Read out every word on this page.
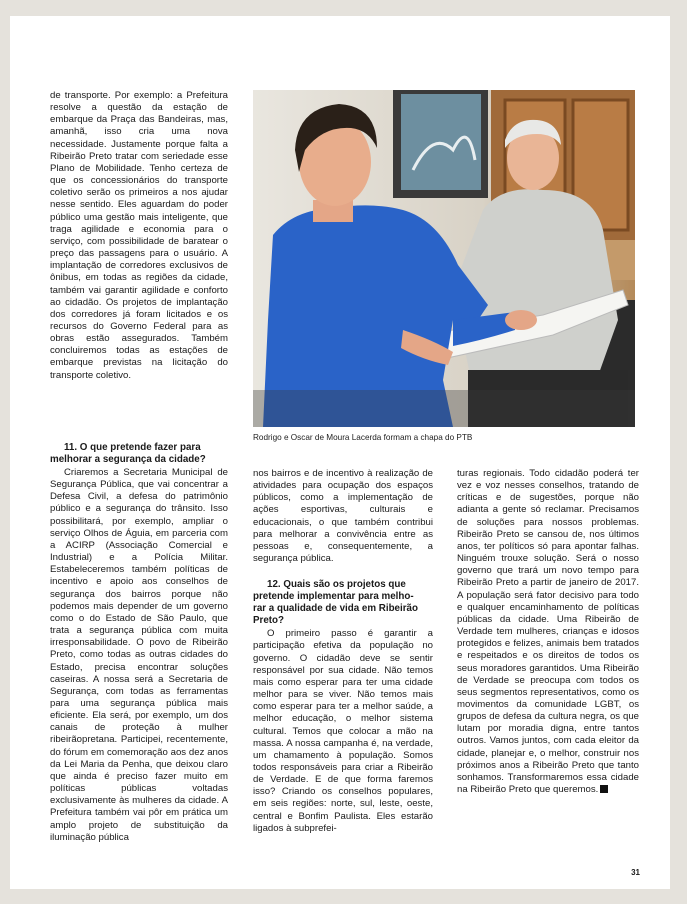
de transporte. Por exemplo: a Prefeitura resolve a questão da estação de embarque da Praça das Bandeiras, mas, amanhã, isso cria uma nova necessidade. Justamente porque falta a Ribeirão Preto tratar com seriedade esse Plano de Mobilidade. Tenho certeza de que os concessionários do transporte coletivo serão os primeiros a nos ajudar nesse sentido. Eles aguardam do poder público uma gestão mais inteligente, que traga agilidade e economia para o serviço, com possibilidade de baratear o preço das passagens para o usuário. A implantação de corredores exclusivos de ônibus, em todas as regiões da cidade, também vai garantir agilidade e conforto ao cidadão. Os projetos de implantação dos corredores já foram licitados e os recursos do Governo Federal para as obras estão assegurados. Também concluiremos todas as estações de embarque previstas na licitação do transporte coletivo.

11. O que pretende fazer para
melhorar a segurança da cidade?

Criaremos a Secretaria Municipal de Segurança Pública, que vai concentrar a Defesa Civil, a defesa do patrimônio público e a segurança do trânsito. Isso possibilitará, por exemplo, ampliar o serviço Olhos de Águia, em parceria com a ACIRP (Associação Comercial e Industrial) e a Polícia Militar. Estabeleceremos também políticas de incentivo e apoio aos conselhos de segurança dos bairros porque não podemos mais depender de um governo como o do Estado de São Paulo, que trata a segurança pública com muita irresponsabilidade. O povo de Ribeirão Preto, como todas as outras cidades do Estado, precisa encontrar soluções caseiras. A nossa será a Secretaria de Segurança, com todas as ferramentas para uma segurança pública mais eficiente. Ela será, por exemplo, um dos canais de proteção à mulher ribeirãopretana. Participei, recentemente, do fórum em comemoração aos dez anos da Lei Maria da Penha, que deixou claro que ainda é preciso fazer muito em políticas públicas voltadas exclusivamente às mulheres da cidade. A Prefeitura também vai pôr em prática um amplo projeto de substituição da iluminação pública

Rodrigo e Oscar de Moura Lacerda formam a chapa do PTB

nos bairros e de incentivo à realização de atividades para ocupação dos espaços públicos, como a implementação de ações esportivas, culturais e educacionais, o que também contribui para melhorar a convivência entre as pessoas e, consequentemente, a segurança pública.

12. Quais são os projetos que
pretende implementar para melho-
rar a qualidade de vida em Ribeirão
Preto?

O primeiro passo é garantir a participação efetiva da população no governo. O cidadão deve se sentir responsável por sua cidade. Não temos mais como esperar para ter uma cidade melhor para se viver. Não temos mais como esperar para ter a melhor saúde, a melhor educação, o melhor sistema cultural. Temos que colocar a mão na massa. A nossa campanha é, na verdade, um chamamento à população. Somos todos responsáveis para criar a Ribeirão de Verdade. E de que forma faremos isso? Criando os conselhos populares, em seis regiões: norte, sul, leste, oeste, central e Bonfim Paulista. Eles estarão ligados à subprefei-

turas regionais. Todo cidadão poderá ter vez e voz nesses conselhos, tratando de críticas e de sugestões, porque não adianta a gente só reclamar. Precisamos de soluções para nossos problemas. Ribeirão Preto se cansou de, nos últimos anos, ter políticos só para apontar falhas. Ninguém trouxe solução. Será o nosso governo que trará um novo tempo para Ribeirão Preto a partir de janeiro de 2017. A população será fator decisivo para todo e qualquer encaminhamento de políticas públicas da cidade. Uma Ribeirão de Verdade tem mulheres, crianças e idosos protegidos e felizes, animais bem tratados e respeitados e os direitos de todos os seus moradores garantidos. Uma Ribeirão de Verdade se preocupa com todos os seus segmentos representativos, como os movimentos da comunidade LGBT, os grupos de defesa da cultura negra, os que lutam por moradia digna, entre tantos outros. Vamos juntos, com cada eleitor da cidade, planejar e, o melhor, construir nos próximos anos a Ribeirão Preto que tanto sonhamos. Transformaremos essa cidade na Ribeirão Preto que queremos.

31
